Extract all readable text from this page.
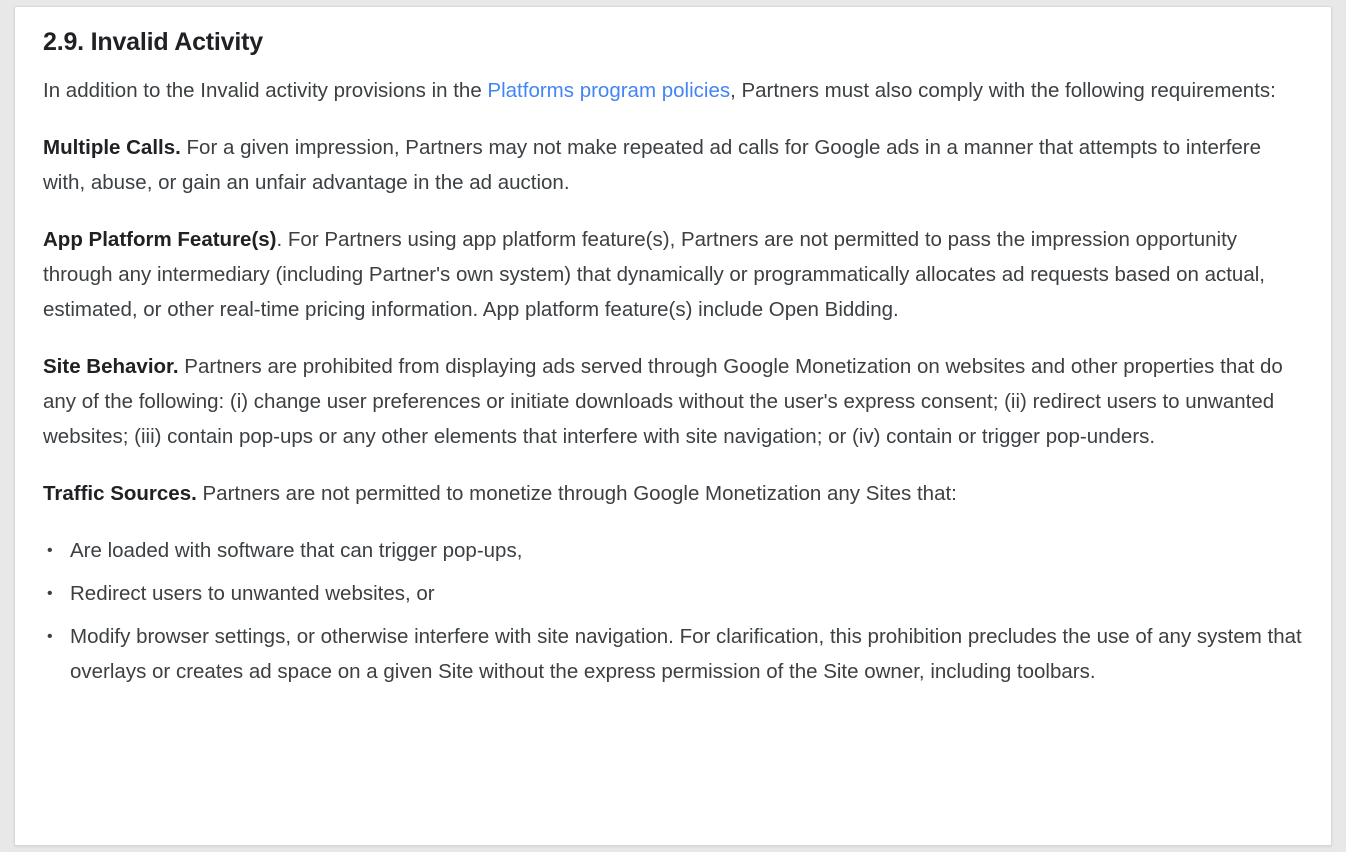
2.9. Invalid Activity

In addition to the Invalid activity provisions in the Platforms program policies, Partners must also comply with the following requirements:

Multiple Calls. For a given impression, Partners may not make repeated ad calls for Google ads in a manner that attempts to interfere with, abuse, or gain an unfair advantage in the ad auction.

App Platform Feature(s). For Partners using app platform feature(s), Partners are not permitted to pass the impression opportunity through any intermediary (including Partner's own system) that dynamically or programmatically allocates ad requests based on actual, estimated, or other real-time pricing information. App platform feature(s) include Open Bidding.

Site Behavior. Partners are prohibited from displaying ads served through Google Monetization on websites and other properties that do any of the following: (i) change user preferences or initiate downloads without the user's express consent; (ii) redirect users to unwanted websites; (iii) contain pop-ups or any other elements that interfere with site navigation; or (iv) contain or trigger pop-unders.

Traffic Sources. Partners are not permitted to monetize through Google Monetization any Sites that:

• Are loaded with software that can trigger pop-ups,
• Redirect users to unwanted websites, or
• Modify browser settings, or otherwise interfere with site navigation. For clarification, this prohibition precludes the use of any system that overlays or creates ad space on a given Site without the express permission of the Site owner, including toolbars.
